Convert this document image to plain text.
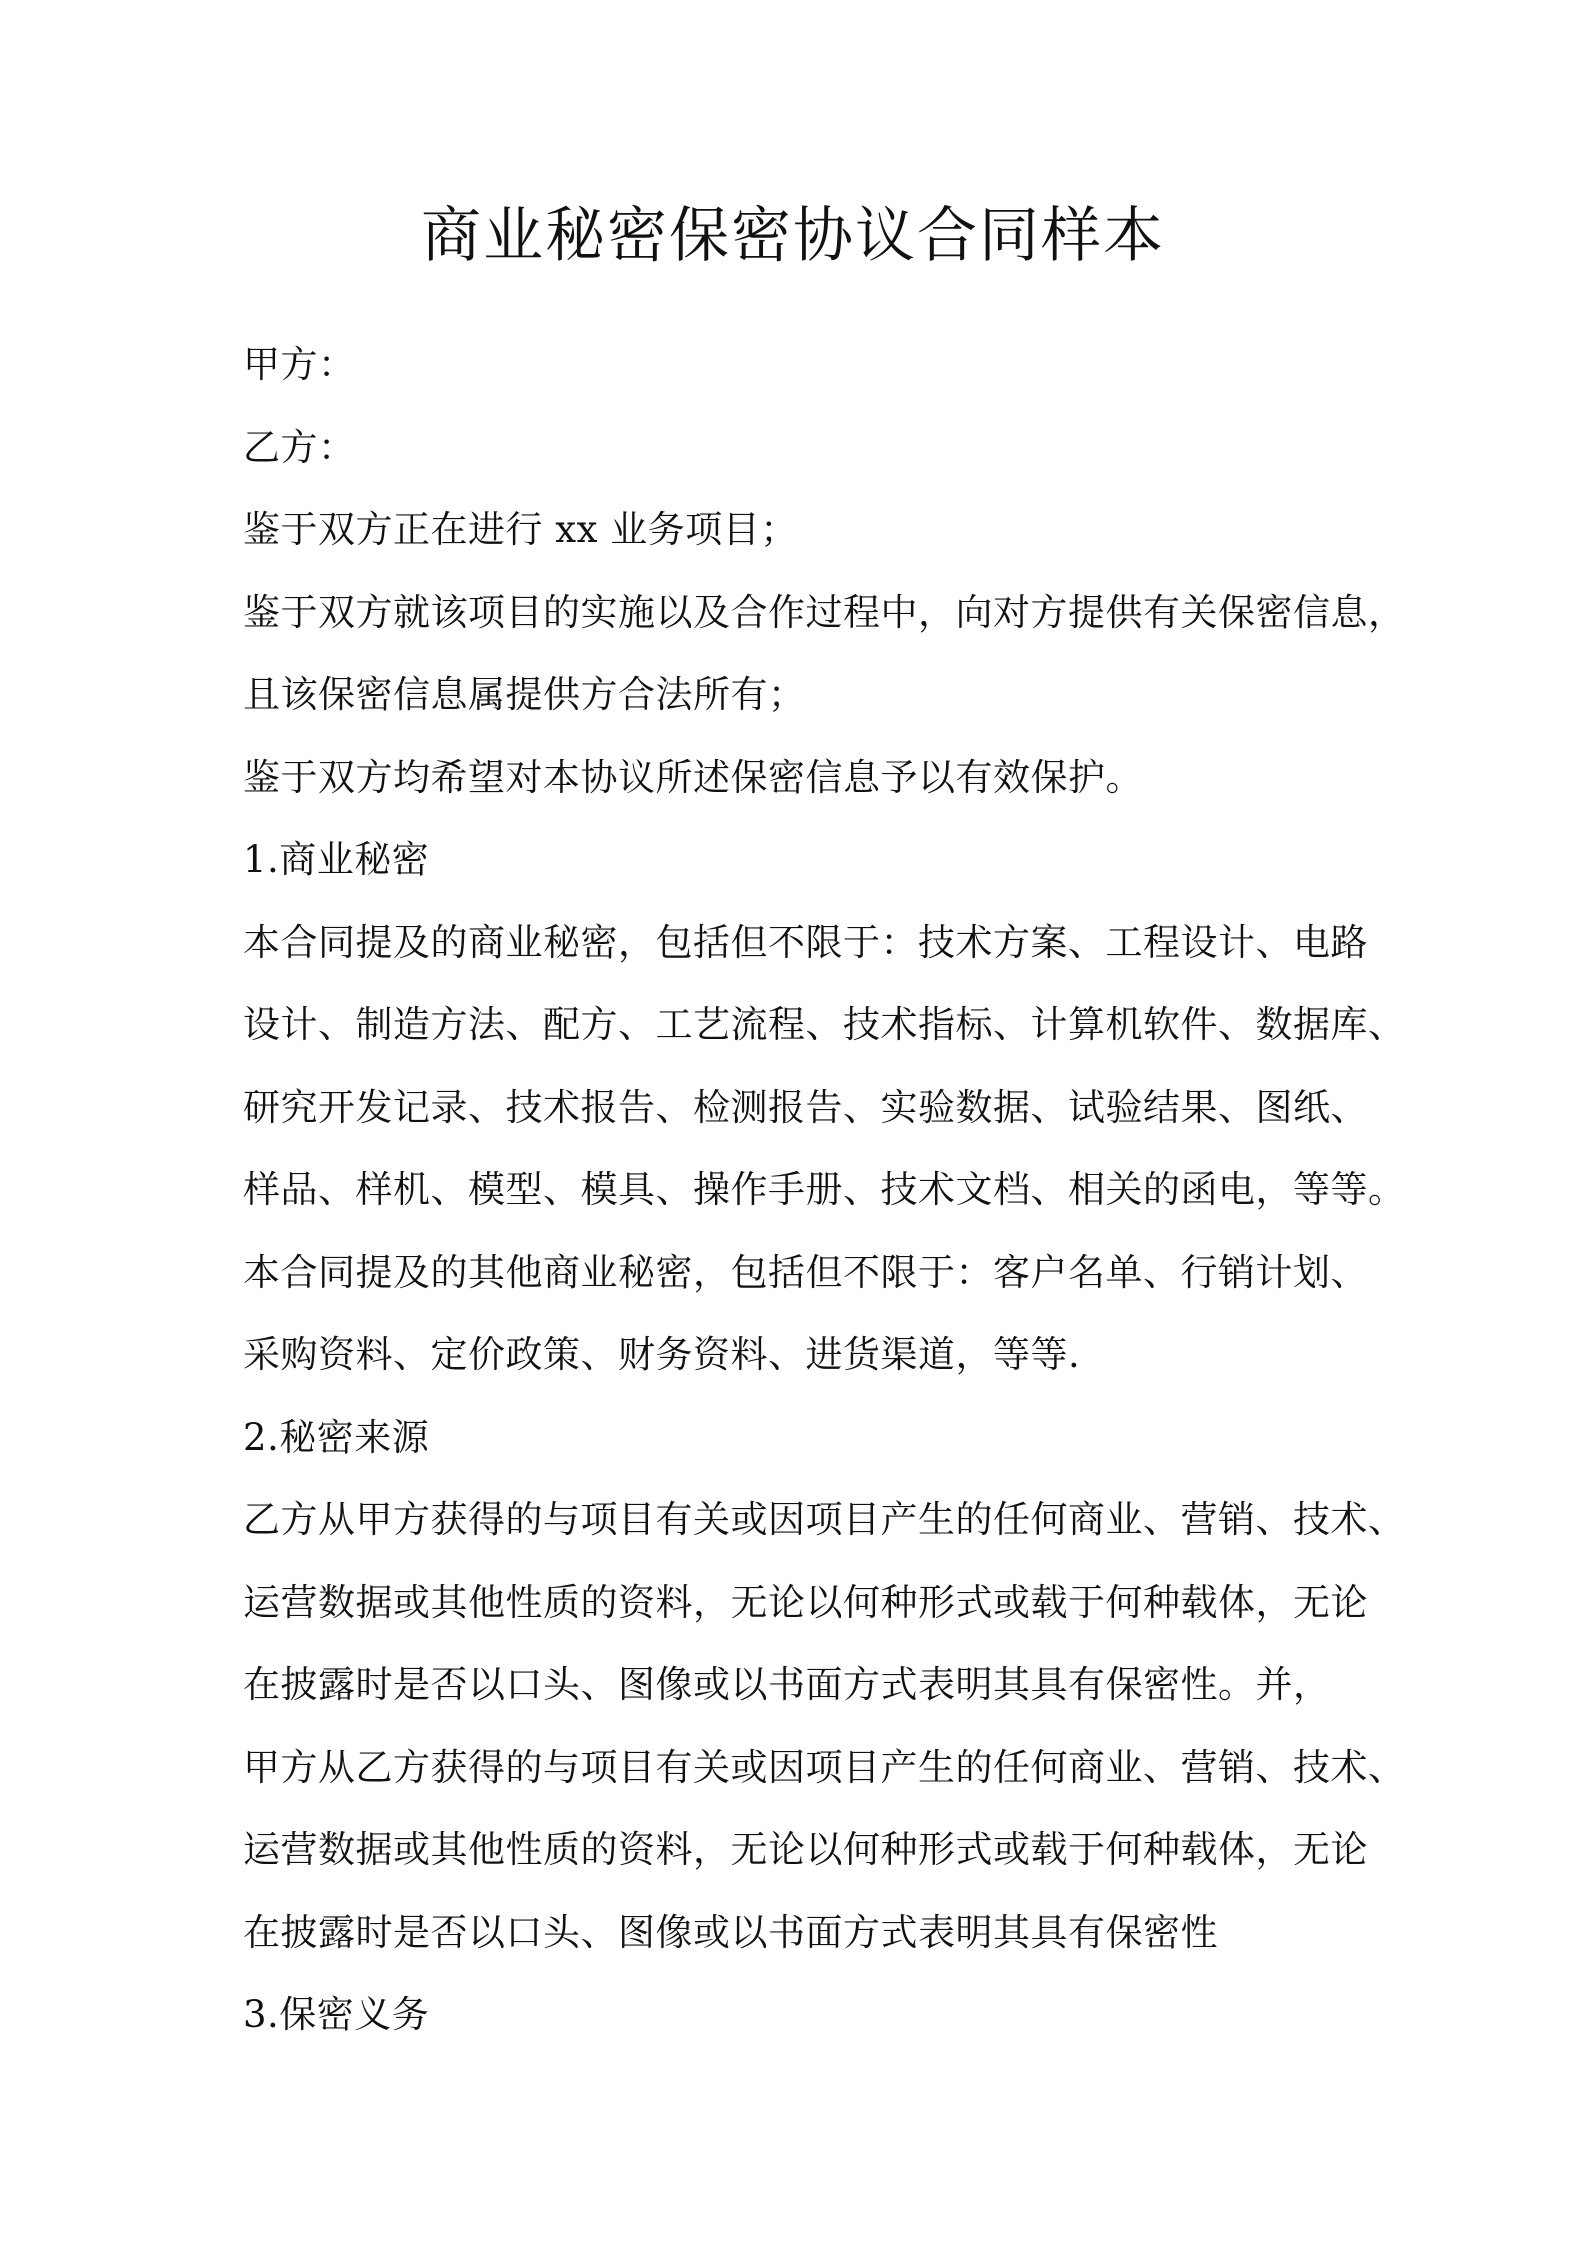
商业秘密保密协议合同样本
甲方：
乙方：
鉴于双方正在进行 xx 业务项目；
鉴于双方就该项目的实施以及合作过程中，向对方提供有关保密信息，
且该保密信息属提供方合法所有；
鉴于双方均希望对本协议所述保密信息予以有效保护。
1.商业秘密
本合同提及的商业秘密，包括但不限于：技术方案、工程设计、电路
设计、制造方法、配方、工艺流程、技术指标、计算机软件、数据库、
研究开发记录、技术报告、检测报告、实验数据、试验结果、图纸、
样品、样机、模型、模具、操作手册、技术文档、相关的函电，等等。
本合同提及的其他商业秘密，包括但不限于：客户名单、行销计划、
采购资料、定价政策、财务资料、进货渠道，等等.
2.秘密来源
乙方从甲方获得的与项目有关或因项目产生的任何商业、营销、技术、
运营数据或其他性质的资料，无论以何种形式或载于何种载体，无论
在披露时是否以口头、图像或以书面方式表明其具有保密性。并，
甲方从乙方获得的与项目有关或因项目产生的任何商业、营销、技术、
运营数据或其他性质的资料，无论以何种形式或载于何种载体，无论
在披露时是否以口头、图像或以书面方式表明其具有保密性
3.保密义务
